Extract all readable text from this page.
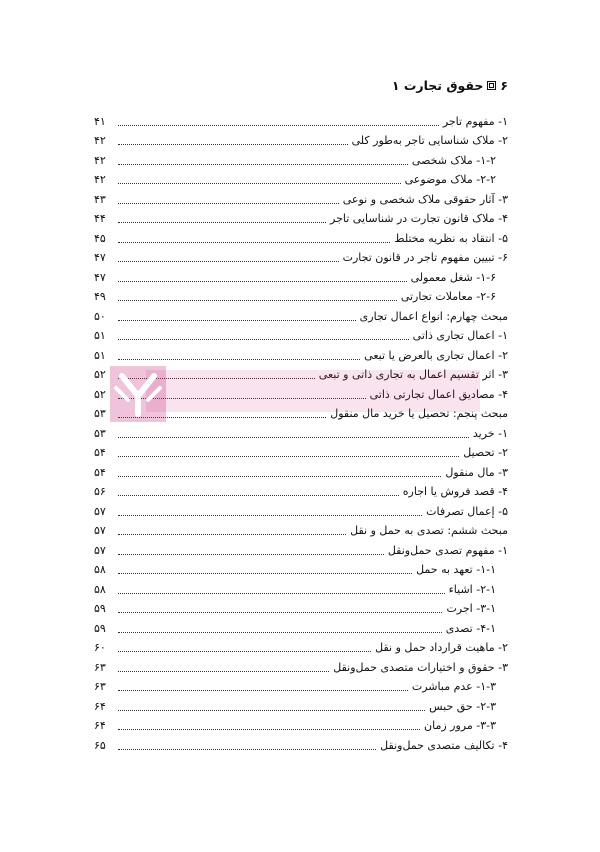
۶
حقوق تجارت ۱
۱- مفهوم تاجر
۴۱
۲- ملاک شناسایی تاجر به‌طور کلی
۴۲
۱-۲- ملاک شخصی
۴۲
۲-۲- ملاک موضوعی
۴۲
۳- آثار حقوقی ملاک شخصی و نوعی
۴۳
۴- ملاک قانون تجارت در شناسایی تاجر
۴۴
۵- انتقاد به نظریه مختلط
۴۵
۶- تبیین مفهوم تاجر در قانون تجارت
۴۷
۱-۶- شغل معمولی
۴۷
۲-۶- معاملات تجارتی
۴۹
مبحث چهارم: انواع اعمال تجاری
۵۰
۱- اعمال تجاری ذاتی
۵۱
۲- اعمال تجاری بالعرض یا تبعی
۵۱
۳- اثر تقسیم اعمال به تجاری ذاتی و تبعی
۵۲
۴- مصادیق اعمال تجارتی ذاتی
۵۲
مبحث پنجم: تحصیل یا خرید مال منقول
۵۳
۱- خرید
۵۳
۲- تحصیل
۵۴
۳- مال منقول
۵۴
۴- قصد فروش یا اجاره
۵۶
۵- إعمال تصرفات
۵۷
مبحث ششم: تصدی به حمل و نقل
۵۷
۱- مفهوم تصدی حمل‌ونقل
۵۷
۱-۱- تعهد به حمل
۵۸
۲-۱- اشیاء
۵۸
۳-۱- اجرت
۵۹
۴-۱- تصدی
۵۹
۲- ماهیت قرارداد حمل و نقل
۶۰
۳- حقوق و اختیارات متصدی حمل‌ونقل
۶۳
۱-۳- عدم مباشرت
۶۳
۲-۳- حق حبس
۶۴
۳-۳- مرور زمان
۶۴
۴- تکالیف متصدی حمل‌ونقل
۶۵
